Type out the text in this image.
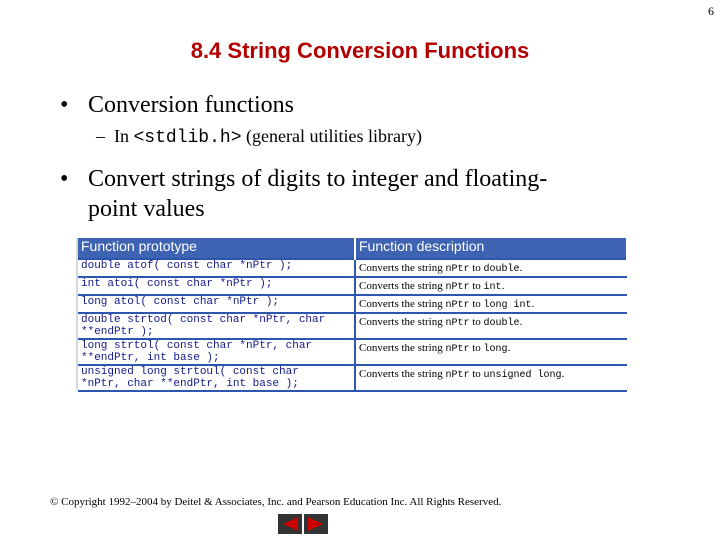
6
8.4 String Conversion Functions
• Conversion functions
– In <stdlib.h> (general utilities library)
• Convert strings of digits to integer and floating-
point values
Function prototype	Function description

double atof( const char *nPtr );	Converts the string nPtr to double.

int atoi( const char *nPtr );	Converts the string nPtr to int.

long atol( const char *nPtr );	Converts the string nPtr to long int.

double strtod( const char *nPtr, char
**endPtr );	Converts the string nPtr to double.

long strtol( const char *nPtr, char
**endPtr, int base );	Converts the string nPtr to long.

unsigned long strtoul( const char
*nPtr, char **endPtr, int base );	Converts the string nPtr to unsigned long.
© Copyright 1992–2004 by Deitel & Associates, Inc. and Pearson Education Inc. All Rights Reserved.
